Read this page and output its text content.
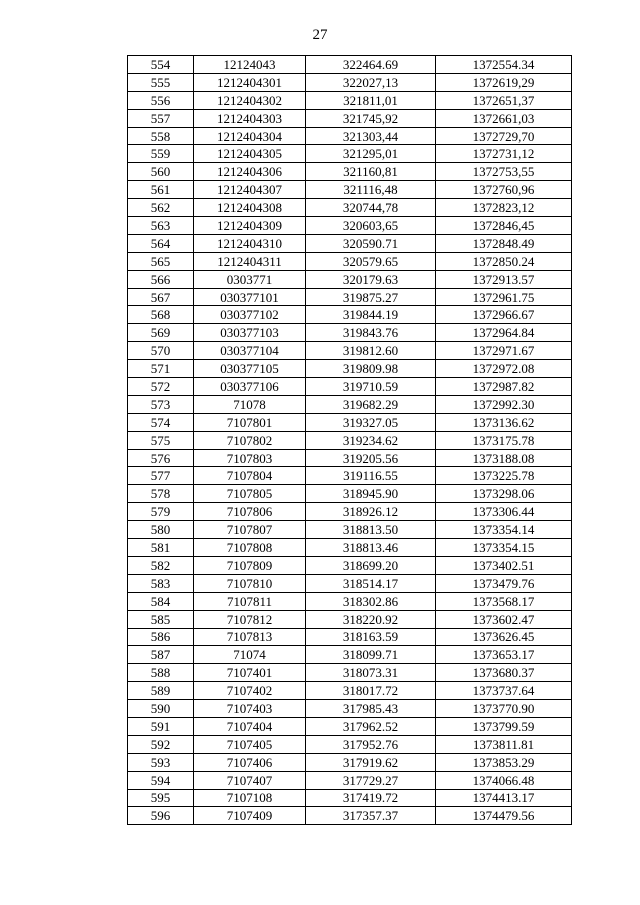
27
554	12124043	322464.69	1372554.34
555	1212404301	322027,13	1372619,29
556	1212404302	321811,01	1372651,37
557	1212404303	321745,92	1372661,03
558	1212404304	321303,44	1372729,70
559	1212404305	321295,01	1372731,12
560	1212404306	321160,81	1372753,55
561	1212404307	321116,48	1372760,96
562	1212404308	320744,78	1372823,12
563	1212404309	320603,65	1372846,45
564	1212404310	320590.71	1372848.49
565	1212404311	320579.65	1372850.24
566	0303771	320179.63	1372913.57
567	030377101	319875.27	1372961.75
568	030377102	319844.19	1372966.67
569	030377103	319843.76	1372964.84
570	030377104	319812.60	1372971.67
571	030377105	319809.98	1372972.08
572	030377106	319710.59	1372987.82
573	71078	319682.29	1372992.30
574	7107801	319327.05	1373136.62
575	7107802	319234.62	1373175.78
576	7107803	319205.56	1373188.08
577	7107804	319116.55	1373225.78
578	7107805	318945.90	1373298.06
579	7107806	318926.12	1373306.44
580	7107807	318813.50	1373354.14
581	7107808	318813.46	1373354.15
582	7107809	318699.20	1373402.51
583	7107810	318514.17	1373479.76
584	7107811	318302.86	1373568.17
585	7107812	318220.92	1373602.47
586	7107813	318163.59	1373626.45
587	71074	318099.71	1373653.17
588	7107401	318073.31	1373680.37
589	7107402	318017.72	1373737.64
590	7107403	317985.43	1373770.90
591	7107404	317962.52	1373799.59
592	7107405	317952.76	1373811.81
593	7107406	317919.62	1373853.29
594	7107407	317729.27	1374066.48
595	7107108	317419.72	1374413.17
596	7107409	317357.37	1374479.56
